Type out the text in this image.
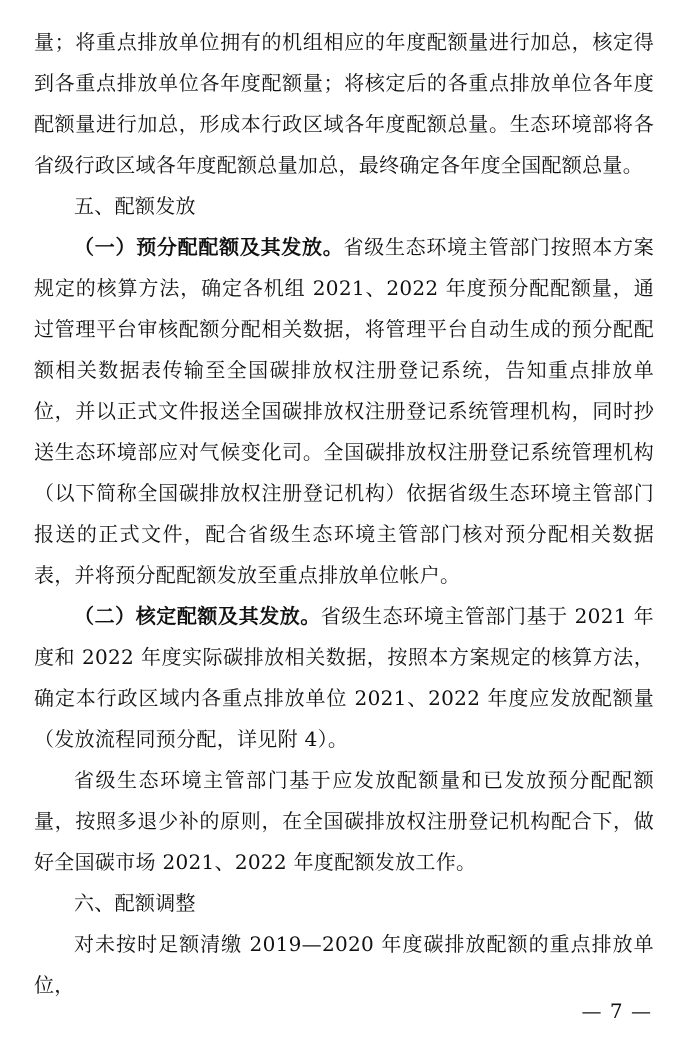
量；将重点排放单位拥有的机组相应的年度配额量进行加总，核定得到各重点排放单位各年度配额量；将核定后的各重点排放单位各年度配额量进行加总，形成本行政区域各年度配额总量。生态环境部将各省级行政区域各年度配额总量加总，最终确定各年度全国配额总量。

五、配额发放

（一）预分配配额及其发放。省级生态环境主管部门按照本方案规定的核算方法，确定各机组 2021、2022 年度预分配配额量，通过管理平台审核配额分配相关数据，将管理平台自动生成的预分配配额相关数据表传输至全国碳排放权注册登记系统，告知重点排放单位，并以正式文件报送全国碳排放权注册登记系统管理机构，同时抄送生态环境部应对气候变化司。全国碳排放权注册登记系统管理机构（以下简称全国碳排放权注册登记机构）依据省级生态环境主管部门报送的正式文件，配合省级生态环境主管部门核对预分配相关数据表，并将预分配配额发放至重点排放单位帐户。

（二）核定配额及其发放。省级生态环境主管部门基于 2021 年度和 2022 年度实际碳排放相关数据，按照本方案规定的核算方法，确定本行政区域内各重点排放单位 2021、2022 年度应发放配额量（发放流程同预分配，详见附 4）。

省级生态环境主管部门基于应发放配额量和已发放预分配配额量，按照多退少补的原则，在全国碳排放权注册登记机构配合下，做好全国碳市场 2021、2022 年度配额发放工作。

六、配额调整

对未按时足额清缴 2019—2020 年度碳排放配额的重点排放单位，

— 7 —
